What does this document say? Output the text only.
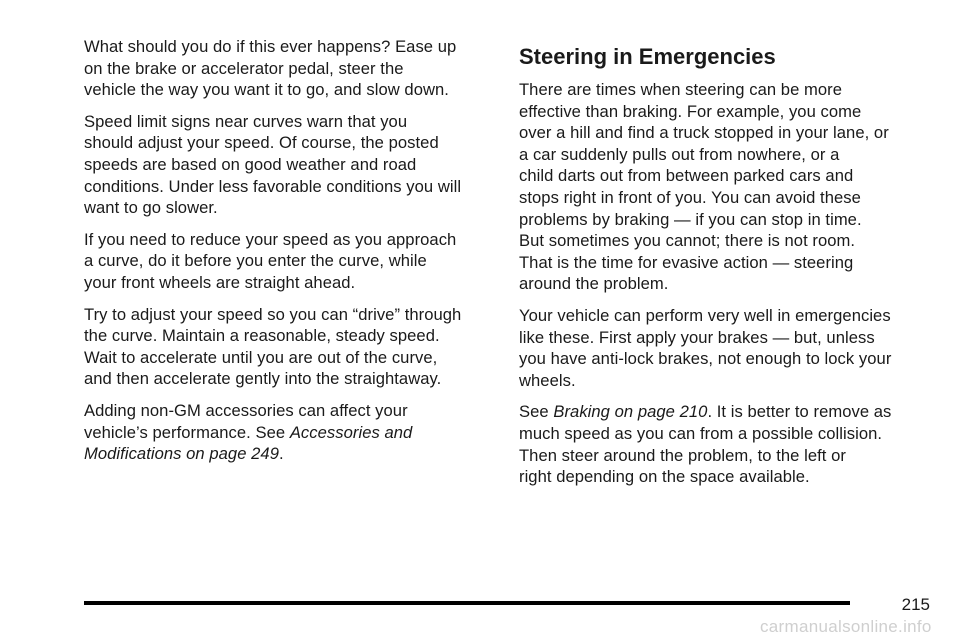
What should you do if this ever happens? Ease up
on the brake or accelerator pedal, steer the
vehicle the way you want it to go, and slow down.

Speed limit signs near curves warn that you
should adjust your speed. Of course, the posted
speeds are based on good weather and road
conditions. Under less favorable conditions you will
want to go slower.

If you need to reduce your speed as you approach
a curve, do it before you enter the curve, while
your front wheels are straight ahead.

Try to adjust your speed so you can “drive” through
the curve. Maintain a reasonable, steady speed.
Wait to accelerate until you are out of the curve,
and then accelerate gently into the straightaway.

Adding non-GM accessories can affect your
vehicle’s performance. See Accessories and
Modifications on page 249.

Steering in Emergencies

There are times when steering can be more
effective than braking. For example, you come
over a hill and find a truck stopped in your lane, or
a car suddenly pulls out from nowhere, or a
child darts out from between parked cars and
stops right in front of you. You can avoid these
problems by braking — if you can stop in time.
But sometimes you cannot; there is not room.
That is the time for evasive action — steering
around the problem.

Your vehicle can perform very well in emergencies
like these. First apply your brakes — but, unless
you have anti-lock brakes, not enough to lock your
wheels.

See Braking on page 210. It is better to remove as
much speed as you can from a possible collision.
Then steer around the problem, to the left or
right depending on the space available.

215
carmanualsonline.info
